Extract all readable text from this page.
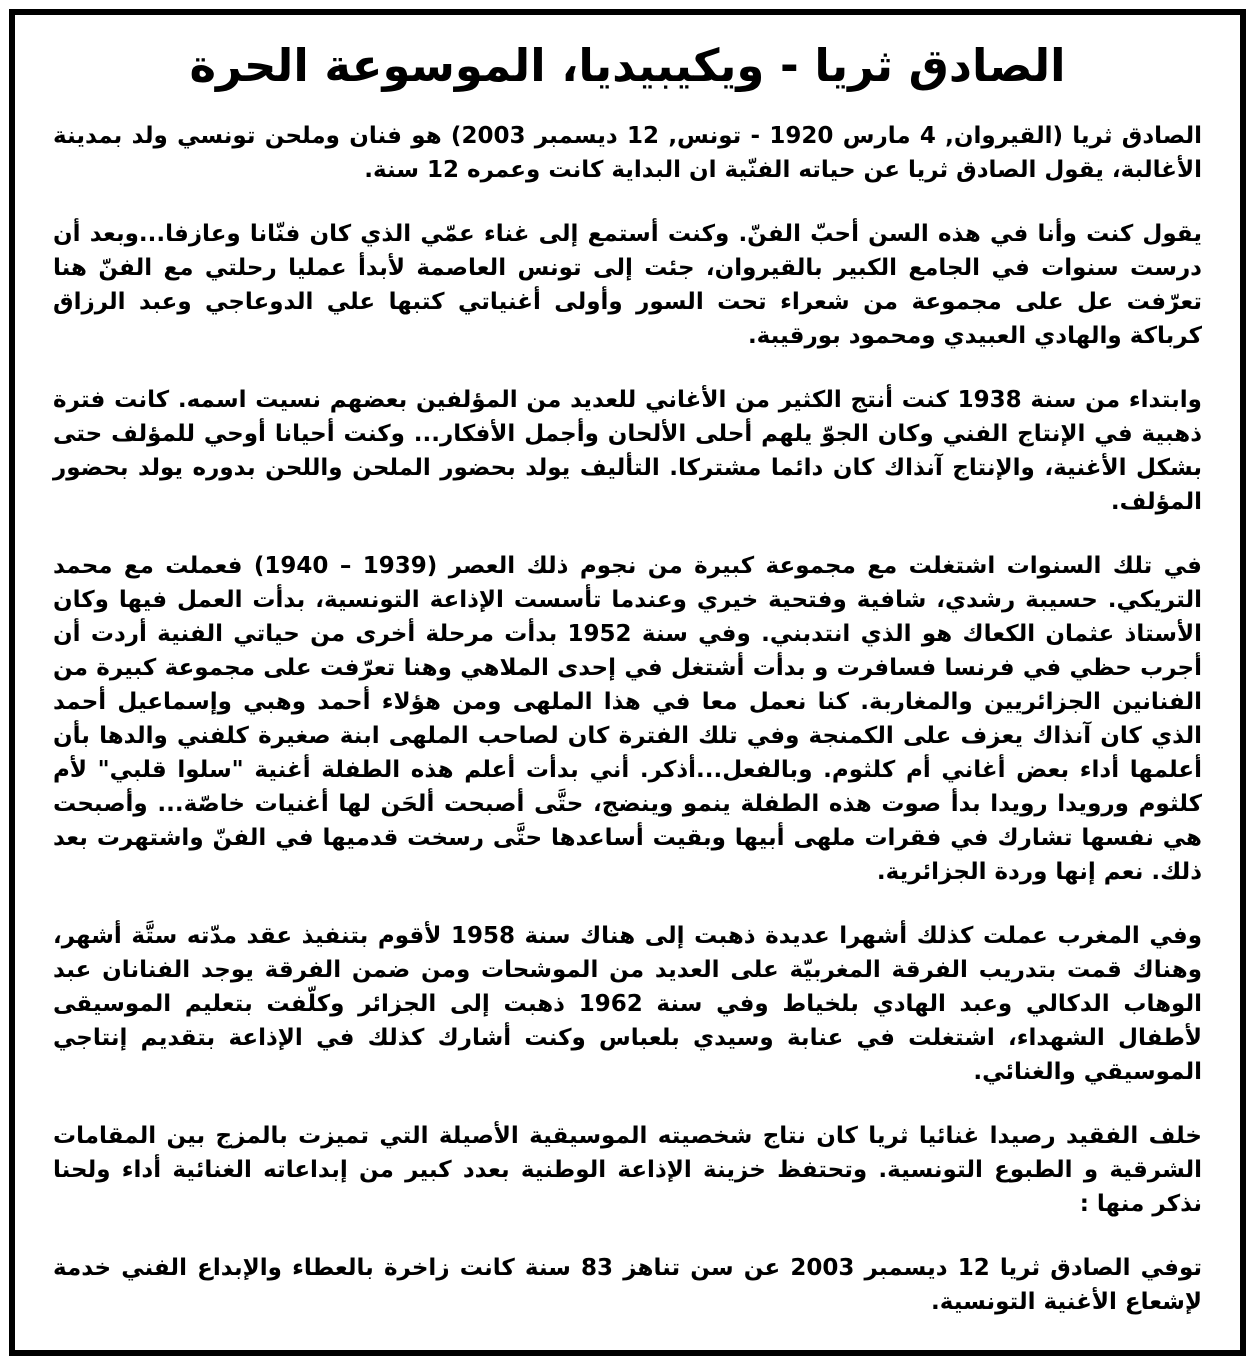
الصادق ثريا - ويكيبيديا، الموسوعة الحرة

الصادق ثريا (القيروان, 4 مارس 1920 - تونس, 12 ديسمبر 2003) هو فنان وملحن تونسي ولد بمدينة الأغالبة، يقول الصادق ثريا عن حياته الفنّية ان البداية كانت وعمره 12 سنة.

يقول كنت وأنا في هذه السن أحبّ الفنّ. وكنت أستمع إلى غناء عمّي الذي كان فنّانا وعازفا...وبعد أن درست سنوات في الجامع الكبير بالقيروان، جئت إلى تونس العاصمة لأبدأ عمليا رحلتي مع الفنّ هنا تعرّفت عل على مجموعة من شعراء تحت السور وأولى أغنياتي كتبها علي الدوعاجي وعبد الرزاق كرباكة والهادي العبيدي ومحمود بورقيبة.

وابتداء من سنة 1938 كنت أنتج الكثير من الأغاني للعديد من المؤلفين بعضهم نسيت اسمه. كانت فترة ذهبية في الإنتاج الفني وكان الجوّ يلهم أحلى الألحان وأجمل الأفكار... وكنت أحيانا أوحي للمؤلف حتى بشكل الأغنية، والإنتاج آنذاك كان دائما مشتركا. التأليف يولد بحضور الملحن واللحن بدوره يولد بحضور المؤلف.

في تلك السنوات اشتغلت مع مجموعة كبيرة من نجوم ذلك العصر (1939 – 1940) فعملت مع محمد التريكي. حسيبة رشدي، شافية وفتحية خيري وعندما تأسست الإذاعة التونسية، بدأت العمل فيها وكان الأستاذ عثمان الكعاك هو الذي انتدبني. وفي سنة 1952 بدأت مرحلة أخرى من حياتي الفنية أردت أن أجرب حظي في فرنسا فسافرت و بدأت أشتغل في إحدى الملاهي وهنا تعرّفت على مجموعة كبيرة من الفنانين الجزائريين والمغاربة. كنا نعمل معا في هذا الملهى ومن هؤلاء أحمد وهبي وإسماعيل أحمد الذي كان آنذاك يعزف على الكمنجة وفي تلك الفترة كان لصاحب الملهى ابنة صغيرة كلفني والدها بأن أعلمها أداء بعض أغاني أم كلثوم. وبالفعل...أذكر. أني بدأت أعلم هذه الطفلة أغنية "سلوا قلبي" لأم كلثوم ورويدا رويدا بدأ صوت هذه الطفلة ينمو وينضج، حتَّى أصبحت ألحَن لها أغنيات خاصّة... وأصبحت هي نفسها تشارك في فقرات ملهى أبيها وبقيت أساعدها حتَّى رسخت قدميها في الفنّ واشتهرت بعد ذلك. نعم إنها وردة الجزائرية.

وفي المغرب عملت كذلك أشهرا عديدة ذهبت إلى هناك سنة 1958 لأقوم بتنفيذ عقد مدّته ستَّة أشهر، وهناك قمت بتدريب الفرقة المغربيّة على العديد من الموشحات ومن ضمن الفرقة يوجد الفنانان عبد الوهاب الدكالي وعبد الهادي بلخياط وفي سنة 1962 ذهبت إلى الجزائر وكلّفت بتعليم الموسيقى لأطفال الشهداء، اشتغلت في عنابة وسيدي بلعباس وكنت أشارك كذلك في الإذاعة بتقديم إنتاجي الموسيقي والغنائي.

خلف الفقيد رصيدا غنائيا ثريا كان نتاج شخصيته الموسيقية الأصيلة التي تميزت بالمزج بين المقامات الشرقية و الطبوع التونسية. وتحتفظ خزينة الإذاعة الوطنية بعدد كبير من إبداعاته الغنائية أداء ولحنا نذكر منها :

توفي الصادق ثريا 12 ديسمبر 2003 عن سن تناهز 83 سنة كانت زاخرة بالعطاء والإبداع الفني خدمة لإشعاع الأغنية التونسية.
